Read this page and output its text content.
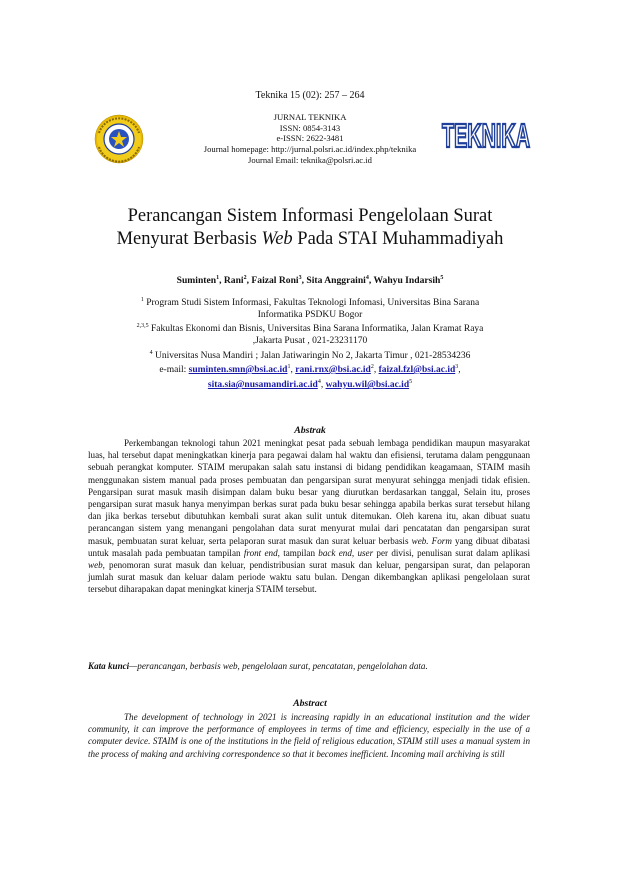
Teknika 15 (02): 257 – 264
JURNAL TEKNIKA
ISSN: 0854-3143
e-ISSN: 2622-3481
Journal homepage: http://jurnal.polsri.ac.id/index.php/teknika
Journal Email: teknika@polsri.ac.id
TEKNIKA
Perancangan Sistem Informasi Pengelolaan Surat
Menyurat Berbasis Web Pada STAI Muhammadiyah
Suminten$^1$, Rani$^2$, Faizal Roni$^3$, Sita Anggraini$^4$, Wahyu Indarsih$^5$
$^1$ Program Studi Sistem Informasi, Fakultas Teknologi Infomasi, Universitas Bina Sarana
Informatika PSDKU Bogor
$^{2,3,5}$ Fakultas Ekonomi dan Bisnis, Universitas Bina Sarana Informatika, Jalan Kramat Raya
,Jakarta Pusat , 021-23231170
$^4$ Universitas Nusa Mandiri ; Jalan Jatiwaringin No 2, Jakarta Timur , 021-28534236
e-mail: $suminten.smn@bsi.ac.id^1$, $rani.rnx@bsi.ac.id^2$, $faizal.fzl@bsi.ac.id^3$,
$sita.sia@nusamandiri.ac.id^4$, $wahyu.wil@bsi.ac.id^5$
Abstrak
Perkembangan teknologi tahun 2021 meningkat pesat pada sebuah lembaga pendidikan maupun masyarakat luas, hal tersebut dapat meningkatkan kinerja para pegawai dalam hal waktu dan efisiensi, terutama dalam penggunaan sebuah perangkat komputer. STAIM merupakan salah satu instansi di bidang pendidikan keagamaan, STAIM masih menggunakan sistem manual pada proses pembuatan dan pengarsipan surat menyurat sehingga menjadi tidak efisien. Pengarsipan surat masuk masih disimpan dalam buku besar yang diurutkan berdasarkan tanggal, Selain itu, proses pengarsipan surat masuk hanya menyimpan berkas surat pada buku besar sehingga apabila berkas surat tersebut hilang dan jika berkas tersebut dibutuhkan kembali surat akan sulit untuk ditemukan. Oleh karena itu, akan dibuat suatu perancangan sistem yang menangani pengolahan data surat menyurat mulai dari pencatatan dan pengarsipan surat masuk, pembuatan surat keluar, serta pelaporan surat masuk dan surat keluar berbasis web. Form yang dibuat dibatasi untuk masalah pada pembuatan tampilan front end, tampilan back end, user per divisi, penulisan surat dalam aplikasi web, penomoran surat masuk dan keluar, pendistribusian surat masuk dan keluar, pengarsipan surat, dan pelaporan jumlah surat masuk dan keluar dalam periode waktu satu bulan. Dengan dikembangkan aplikasi pengelolaan surat tersebut diharapakan dapat meningkat kinerja STAIM tersebut.
Kata kunci—perancangan, berbasis web, pengelolaan surat, pencatatan, pengelolahan data.
Abstract
The development of technology in 2021 is increasing rapidly in an educational institution and the wider community, it can improve the performance of employees in terms of time and efficiency, especially in the use of a computer device. STAIM is one of the institutions in the field of religious education, STAIM still uses a manual system in the process of making and archiving correspondence so that it becomes inefficient. Incoming mail archiving is still
